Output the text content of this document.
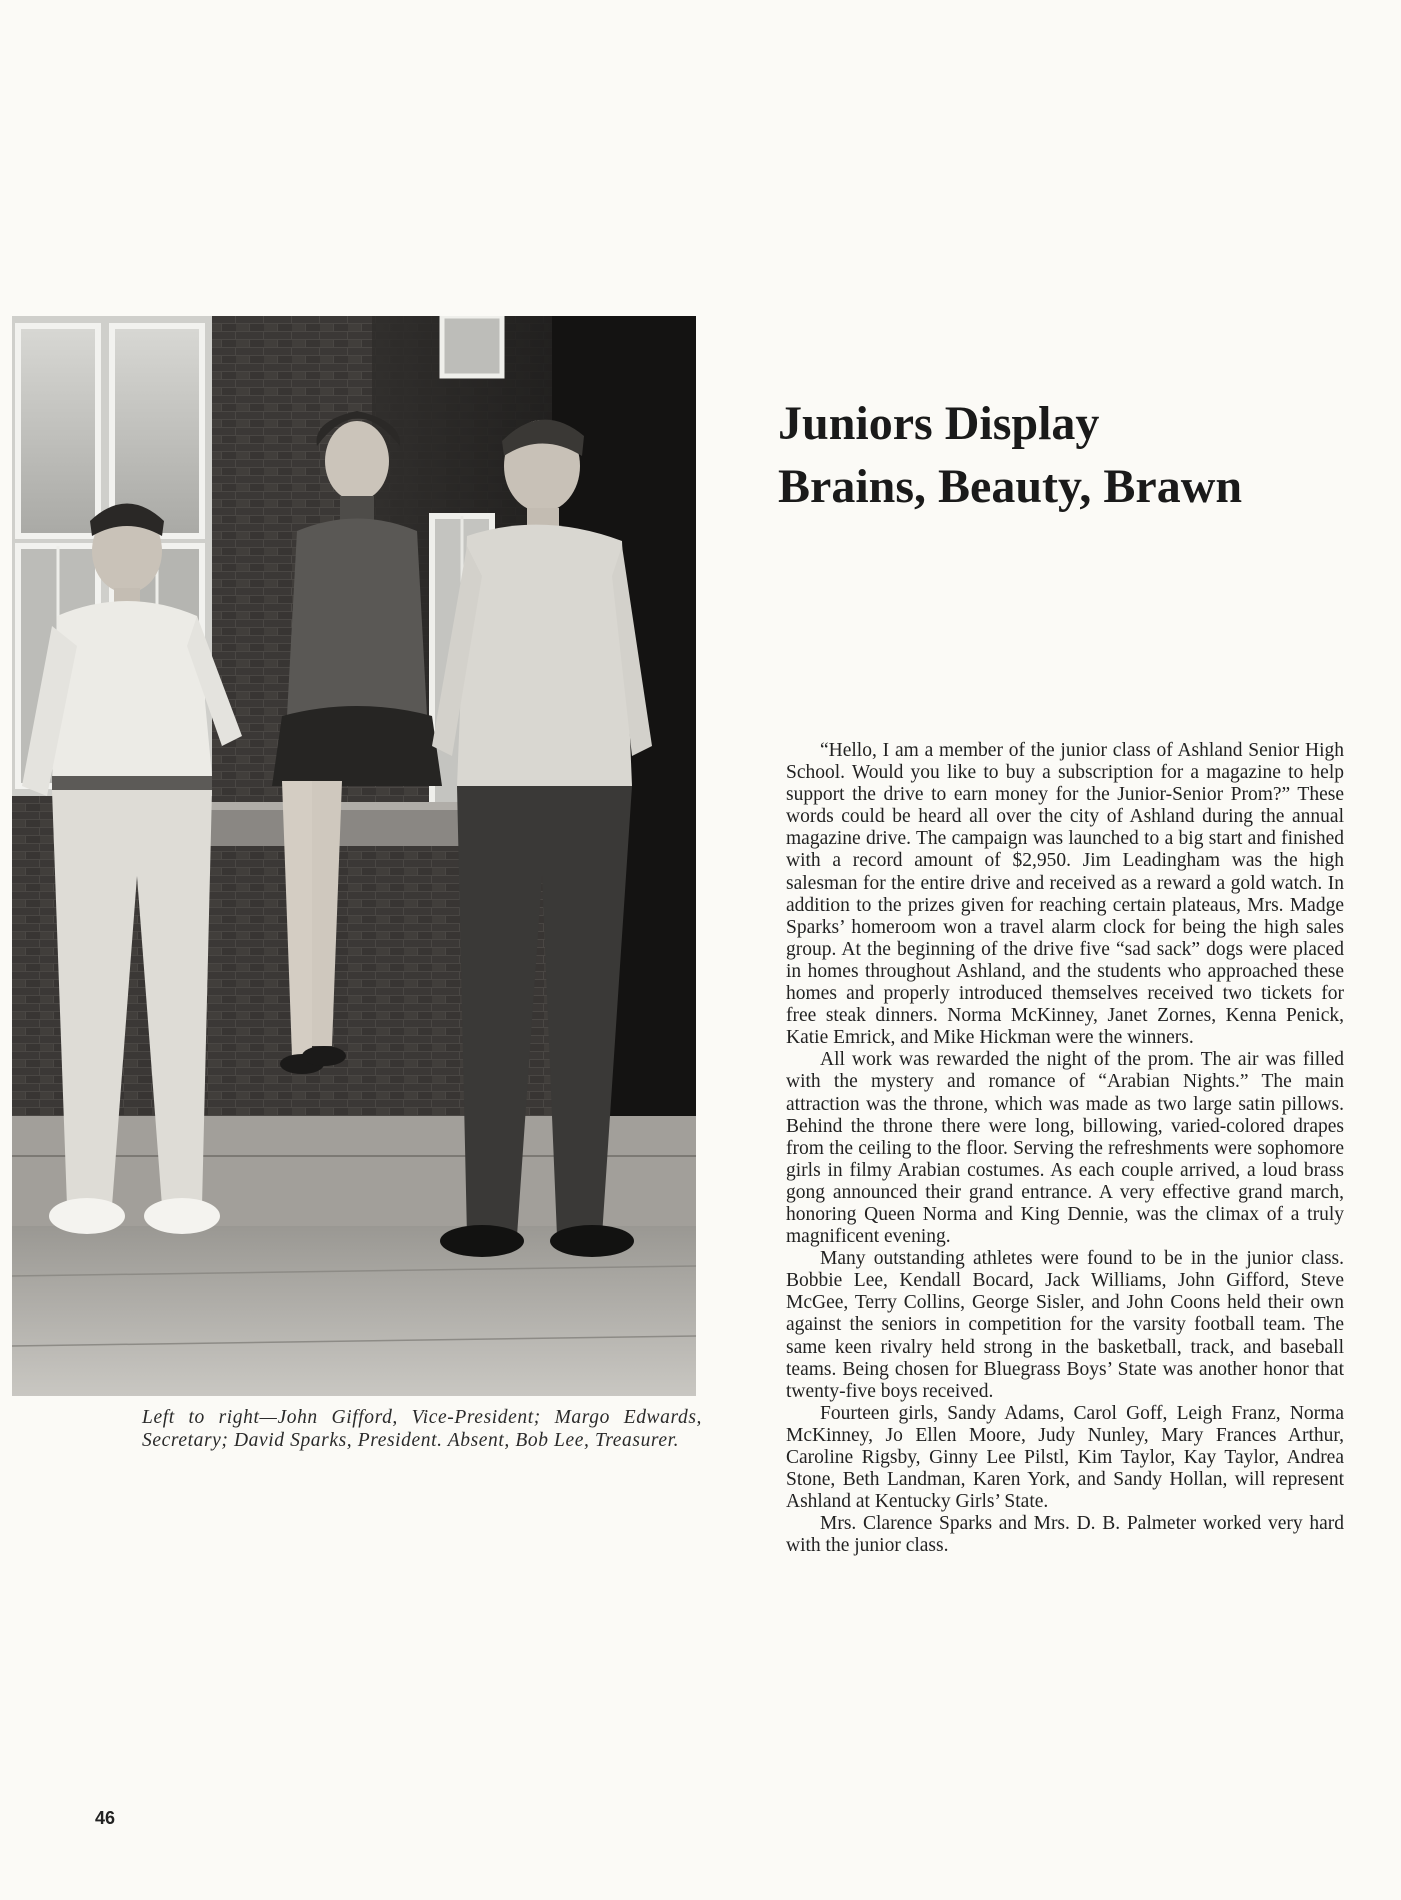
Left to right—John Gifford, Vice-President; Margo Edwards, Secretary; David Sparks, President. Absent, Bob Lee, Treasurer.
Juniors Display
Brains, Beauty, Brawn

“Hello, I am a member of the junior class of Ashland Senior High School. Would you like to buy a subscription for a magazine to help support the drive to earn money for the Junior-Senior Prom?” These words could be heard all over the city of Ashland during the annual magazine drive. The campaign was launched to a big start and finished with a record amount of $2,950. Jim Leadingham was the high salesman for the entire drive and received as a reward a gold watch. In addition to the prizes given for reaching certain plateaus, Mrs. Madge Sparks’ homeroom won a travel alarm clock for being the high sales group. At the beginning of the drive five “sad sack” dogs were placed in homes throughout Ashland, and the students who approached these homes and properly introduced themselves received two tickets for free steak dinners. Norma McKinney, Janet Zornes, Kenna Penick, Katie Emrick, and Mike Hickman were the winners.

All work was rewarded the night of the prom. The air was filled with the mystery and romance of “Arabian Nights.” The main attraction was the throne, which was made as two large satin pillows. Behind the throne there were long, billowing, varied-colored drapes from the ceiling to the floor. Serving the refreshments were sophomore girls in filmy Arabian costumes. As each couple arrived, a loud brass gong announced their grand entrance. A very effective grand march, honoring Queen Norma and King Dennie, was the climax of a truly magnificent evening.

Many outstanding athletes were found to be in the junior class. Bobbie Lee, Kendall Bocard, Jack Williams, John Gifford, Steve McGee, Terry Collins, George Sisler, and John Coons held their own against the seniors in competition for the varsity football team. The same keen rivalry held strong in the basketball, track, and baseball teams. Being chosen for Bluegrass Boys’ State was another honor that twenty-five boys received.

Fourteen girls, Sandy Adams, Carol Goff, Leigh Franz, Norma McKinney, Jo Ellen Moore, Judy Nunley, Mary Frances Arthur, Caroline Rigsby, Ginny Lee Pilstl, Kim Taylor, Kay Taylor, Andrea Stone, Beth Landman, Karen York, and Sandy Hollan, will represent Ashland at Kentucky Girls’ State.

Mrs. Clarence Sparks and Mrs. D. B. Palmeter worked very hard with the junior class.

46
